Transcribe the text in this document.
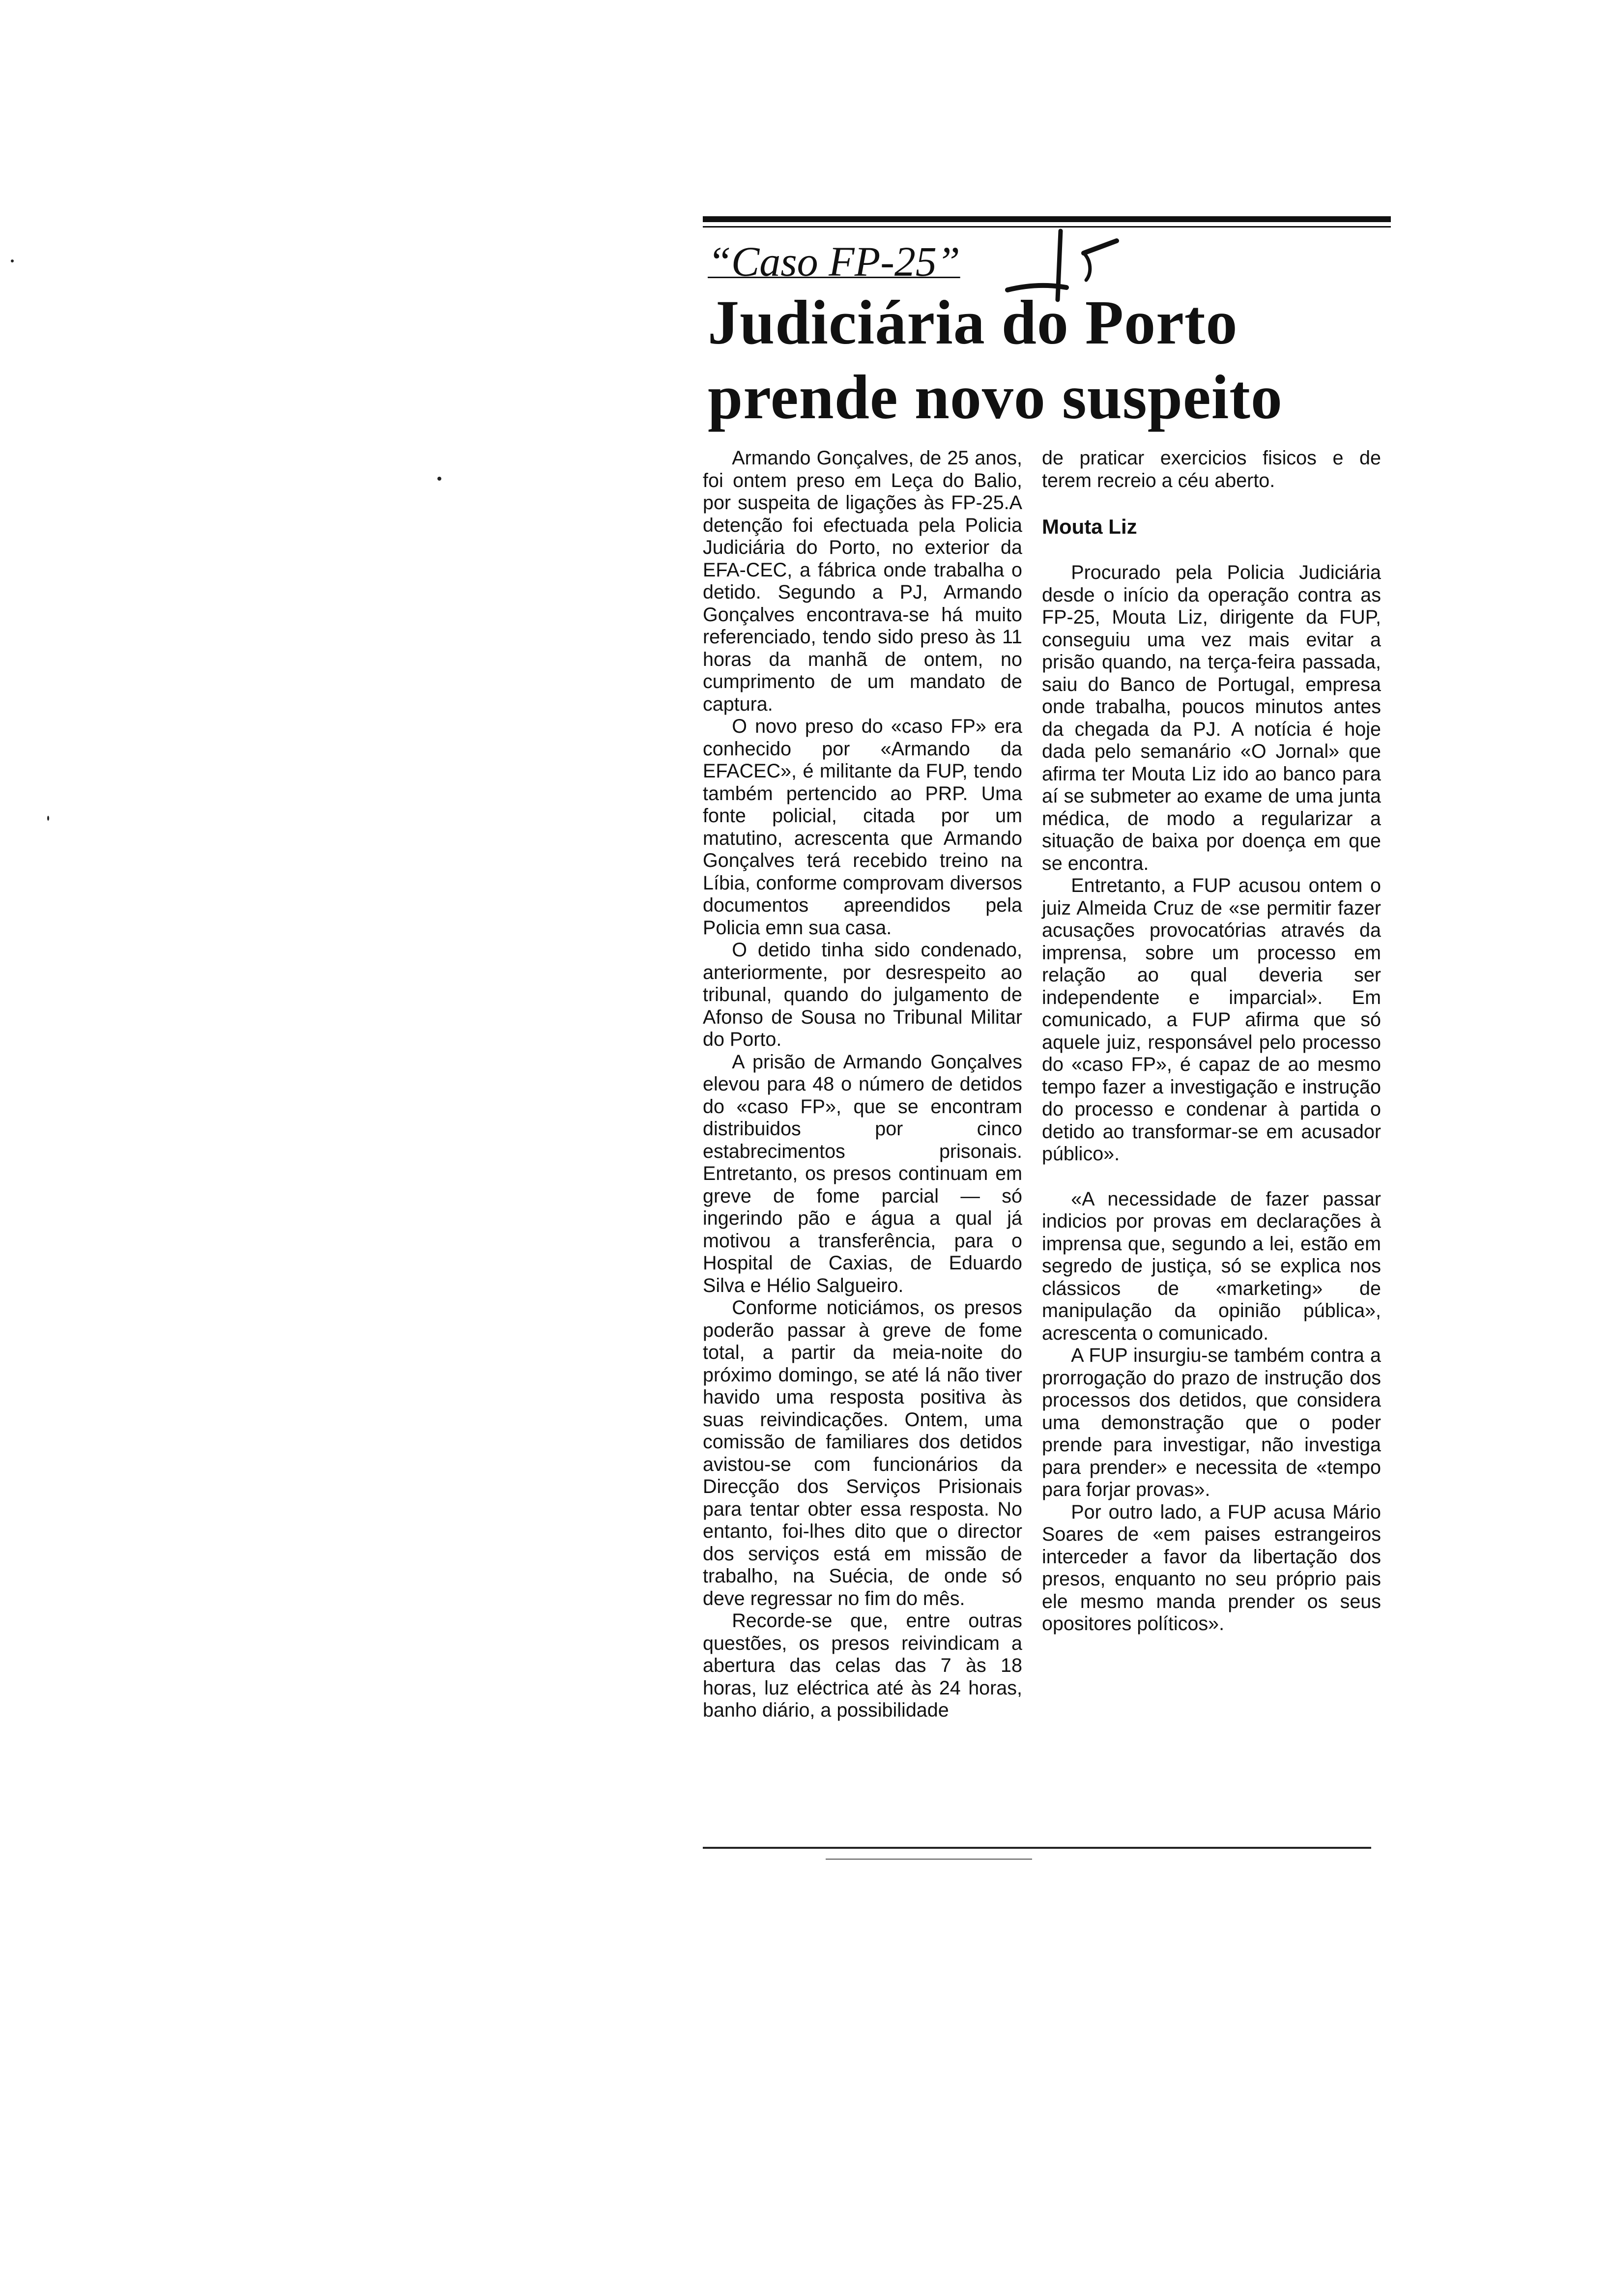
“Caso FP-25”
Judiciária do Porto prende novo suspeito

Armando Gonçalves, de 25 anos, foi ontem preso em Leça do Balio, por suspeita de ligações às FP-25.A detenção foi efectuada pela Policia Judiciária do Porto, no exterior da EFA-CEC, a fábrica onde trabalha o detido. Segundo a PJ, Armando Gonçalves encontrava-se há muito referenciado, tendo sido preso às 11 horas da manhã de ontem, no cumprimento de um mandato de captura.

O novo preso do «caso FP» era conhecido por «Armando da EFACEC», é militante da FUP, tendo também pertencido ao PRP. Uma fonte policial, citada por um matutino, acrescenta que Armando Gonçalves terá recebido treino na Líbia, conforme comprovam diversos documentos apreendidos pela Policia emn sua casa.

O detido tinha sido condenado, anteriormente, por desrespeito ao tribunal, quando do julgamento de Afonso de Sousa no Tribunal Militar do Porto.

A prisão de Armando Gonçalves elevou para 48 o número de detidos do «caso FP», que se encontram distribuidos por cinco estabrecimentos prisonais. Entretanto, os presos continuam em greve de fome parcial — só ingerindo pão e água a qual já motivou a transferência, para o Hospital de Caxias, de Eduardo Silva e Hélio Salgueiro.

Conforme noticiámos, os presos poderão passar à greve de fome total, a partir da meia-noite do próximo domingo, se até lá não tiver havido uma resposta positiva às suas reivindicações. Ontem, uma comissão de familiares dos detidos avistou-se com funcionários da Direcção dos Serviços Prisionais para tentar obter essa resposta. No entanto, foi-lhes dito que o director dos serviços está em missão de trabalho, na Suécia, de onde só deve regressar no fim do mês.

Recorde-se que, entre outras questões, os presos reivindicam a abertura das celas das 7 às 18 horas, luz eléctrica até às 24 horas, banho diário, a possibilidade

de praticar exercicios fisicos e de terem recreio a céu aberto.

Mouta Liz

Procurado pela Policia Judiciária desde o início da operação contra as FP-25, Mouta Liz, dirigente da FUP, conseguiu uma vez mais evitar a prisão quando, na terça-feira passada, saiu do Banco de Portugal, empresa onde trabalha, poucos minutos antes da chegada da PJ. A notícia é hoje dada pelo semanário «O Jornal» que afirma ter Mouta Liz ido ao banco para aí se submeter ao exame de uma junta médica, de modo a regularizar a situação de baixa por doença em que se encontra.

Entretanto, a FUP acusou ontem o juiz Almeida Cruz de «se permitir fazer acusações provocatórias através da imprensa, sobre um processo em relação ao qual deveria ser independente e imparcial». Em comunicado, a FUP afirma que só aquele juiz, responsável pelo processo do «caso FP», é capaz de ao mesmo tempo fazer a investigação e instrução do processo e condenar à partida o detido ao transformar-se em acusador público».

«A necessidade de fazer passar indicios por provas em declarações à imprensa que, segundo a lei, estão em segredo de justiça, só se explica nos clássicos de «marketing» de manipulação da opinião pública», acrescenta o comunicado.

A FUP insurgiu-se também contra a prorrogação do prazo de instrução dos processos dos detidos, que considera uma demonstração que o poder prende para investigar, não investiga para prender» e necessita de «tempo para forjar provas».

Por outro lado, a FUP acusa Mário Soares de «em paises estrangeiros interceder a favor da libertação dos presos, enquanto no seu próprio pais ele mesmo manda prender os seus opositores políticos».
